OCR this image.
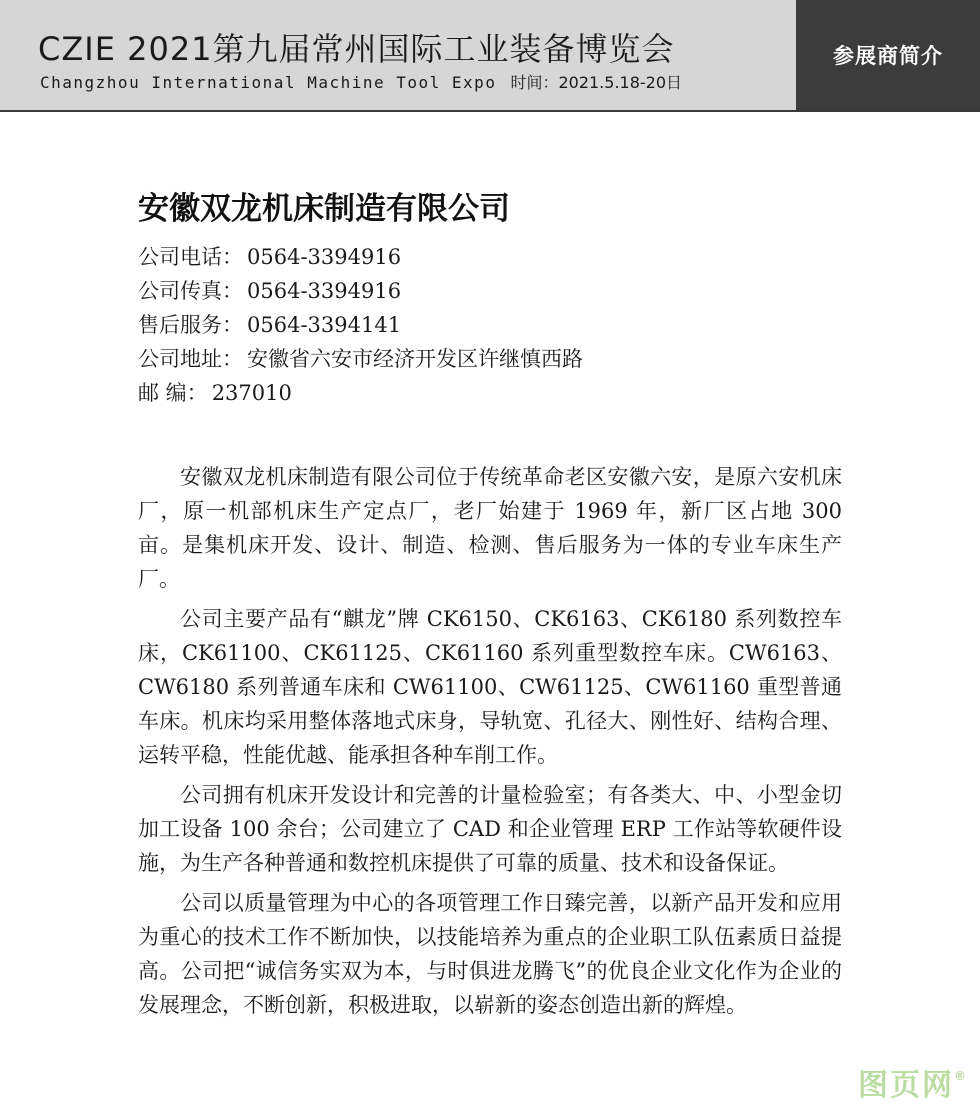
CZIE 2021第九届常州国际工业装备博览会
Changzhou International Machine Tool Expo 时间：2021.5.18-20日
参展商简介
安徽双龙机床制造有限公司
公司电话： 0564-3394916
公司传真： 0564-3394916
售后服务： 0564-3394141
公司地址： 安徽省六安市经济开发区许继慎西路
邮 编： 237010

安徽双龙机床制造有限公司位于传统革命老区安徽六安，是原六安机床厂，原一机部机床生产定点厂，老厂始建于 1969 年，新厂区占地 300 亩。是集机床开发、设计、制造、检测、售后服务为一体的专业车床生产厂。

公司主要产品有“麒龙”牌 CK6150、CK6163、CK6180 系列数控车床，CK61100、CK61125、CK61160 系列重型数控车床。CW6163、CW6180 系列普通车床和 CW61100、CW61125、CW61160 重型普通车床。机床均采用整体落地式床身，导轨宽、孔径大、刚性好、结构合理、运转平稳，性能优越、能承担各种车削工作。

公司拥有机床开发设计和完善的计量检验室；有各类大、中、小型金切加工设备 100 余台；公司建立了 CAD 和企业管理 ERP 工作站等软硬件设施，为生产各种普通和数控机床提供了可靠的质量、技术和设备保证。

公司以质量管理为中心的各项管理工作日臻完善，以新产品开发和应用为重心的技术工作不断加快，以技能培养为重点的企业职工队伍素质日益提高。公司把“诚信务实双为本，与时俱进龙腾飞”的优良企业文化作为企业的发展理念，不断创新，积极进取，以崭新的姿态创造出新的辉煌。

图页网®
